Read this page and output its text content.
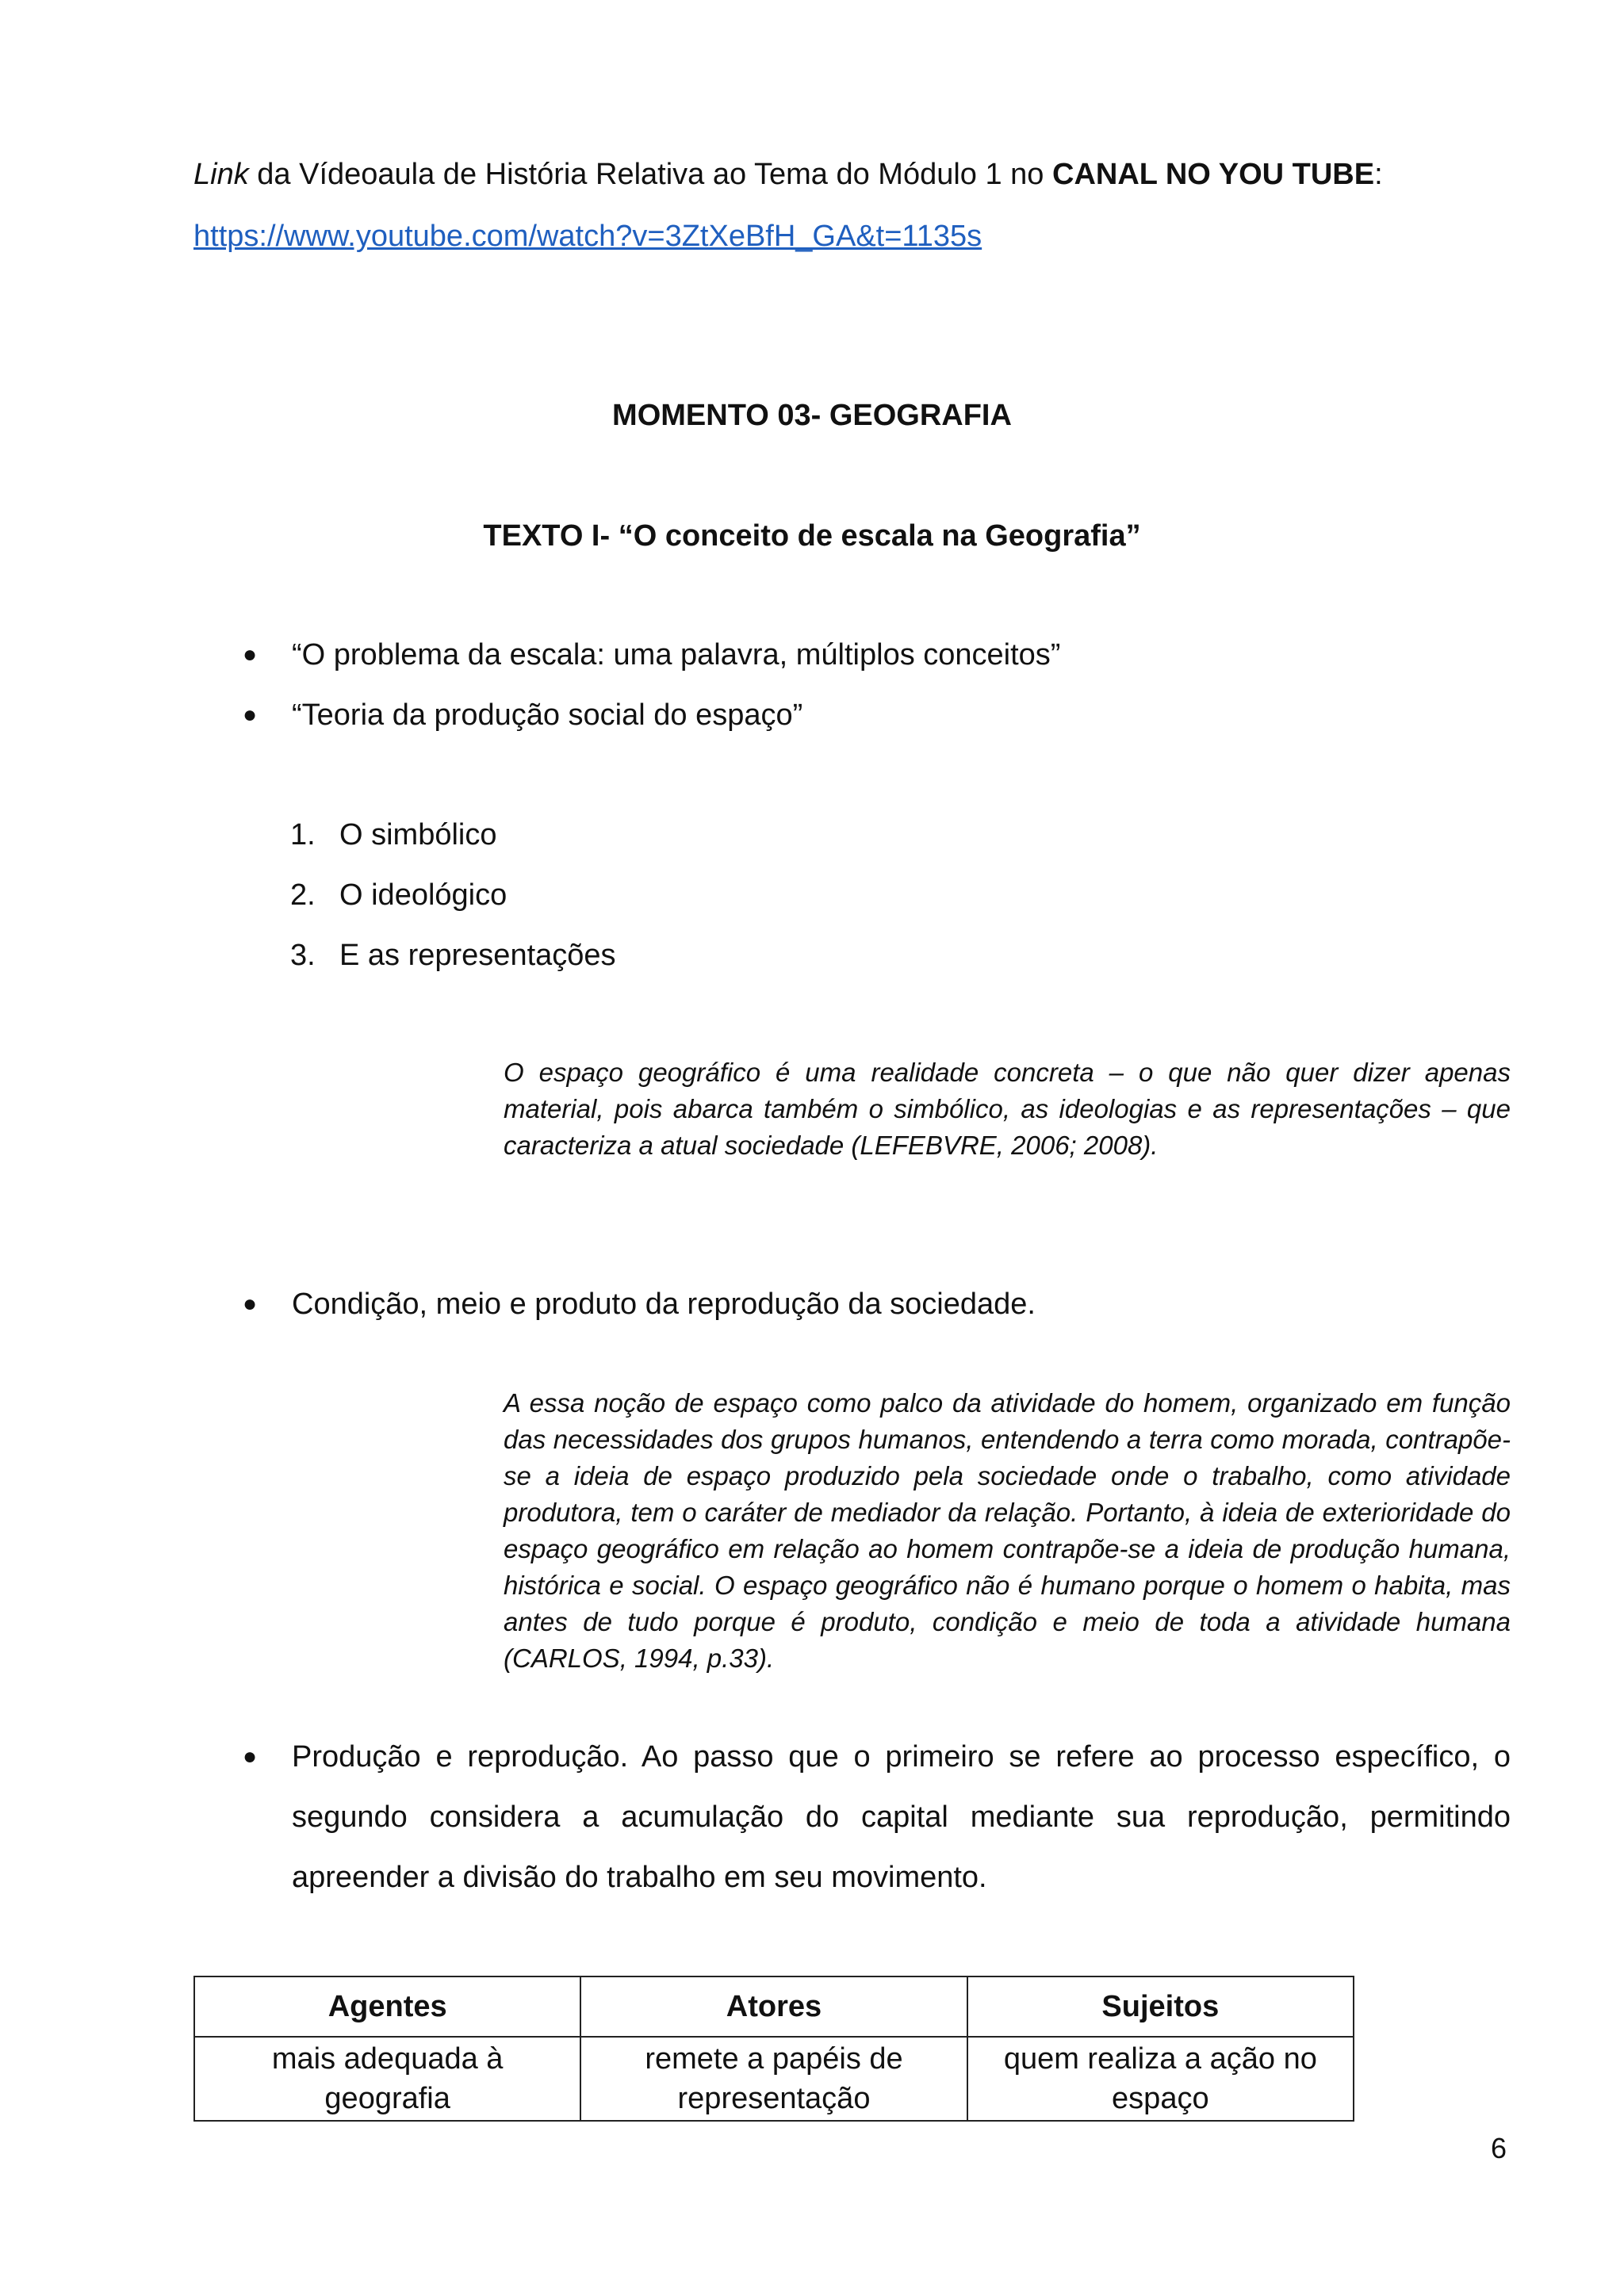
Link da Vídeoaula de História Relativa ao Tema do Módulo 1 no CANAL NO YOU TUBE:
https://www.youtube.com/watch?v=3ZtXeBfH_GA&t=1135s
MOMENTO 03- GEOGRAFIA
TEXTO I- “O conceito de escala na Geografia”
● “O problema da escala: uma palavra, múltiplos conceitos”
● “Teoria da produção social do espaço”
1. O simbólico
2. O ideológico
3. E as representações
O espaço geográfico é uma realidade concreta – o que não quer dizer apenas material, pois abarca também o simbólico, as ideologias e as representações – que caracteriza a atual sociedade (LEFEBVRE, 2006; 2008).
● Condição, meio e produto da reprodução da sociedade.
A essa noção de espaço como palco da atividade do homem, organizado em função das necessidades dos grupos humanos, entendendo a terra como morada, contrapõe-se a ideia de espaço produzido pela sociedade onde o trabalho, como atividade produtora, tem o caráter de mediador da relação. Portanto, à ideia de exterioridade do espaço geográfico em relação ao homem contrapõe-se a ideia de produção humana, histórica e social. O espaço geográfico não é humano porque o homem o habita, mas antes de tudo porque é produto, condição e meio de toda a atividade humana (CARLOS, 1994, p.33).
● Produção e reprodução. Ao passo que o primeiro se refere ao processo específico, o segundo considera a acumulação do capital mediante sua reprodução, permitindo apreender a divisão do trabalho em seu movimento.
Agentes	Atores	Sujeitos
mais adequada à geografia	remete a papéis de representação	quem realiza a ação no espaço
6
